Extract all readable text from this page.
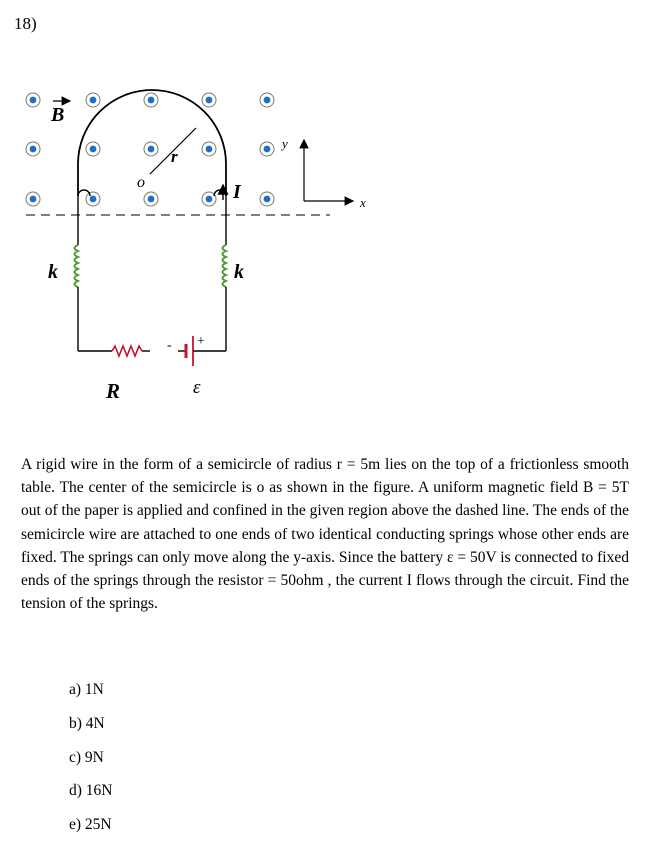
18)
B
r
o	I	x
y
k	k
- +
R	ε

A rigid wire in the form of a semicircle of radius r = 5m lies on the top of a frictionless smooth table. The center of the semicircle is o as shown in the figure. A uniform magnetic field B = 5T out of the paper is applied and confined in the given region above the dashed line. The ends of the semicircle wire are attached to one ends of two identical conducting springs whose other ends are fixed. The springs can only move along the y-axis. Since the battery ε = 50V is connected to fixed ends of the springs through the resistor = 50ohm , the current I flows through the circuit. Find the tension of the springs.

a) 1N
b) 4N
c) 9N
d) 16N
e) 25N
